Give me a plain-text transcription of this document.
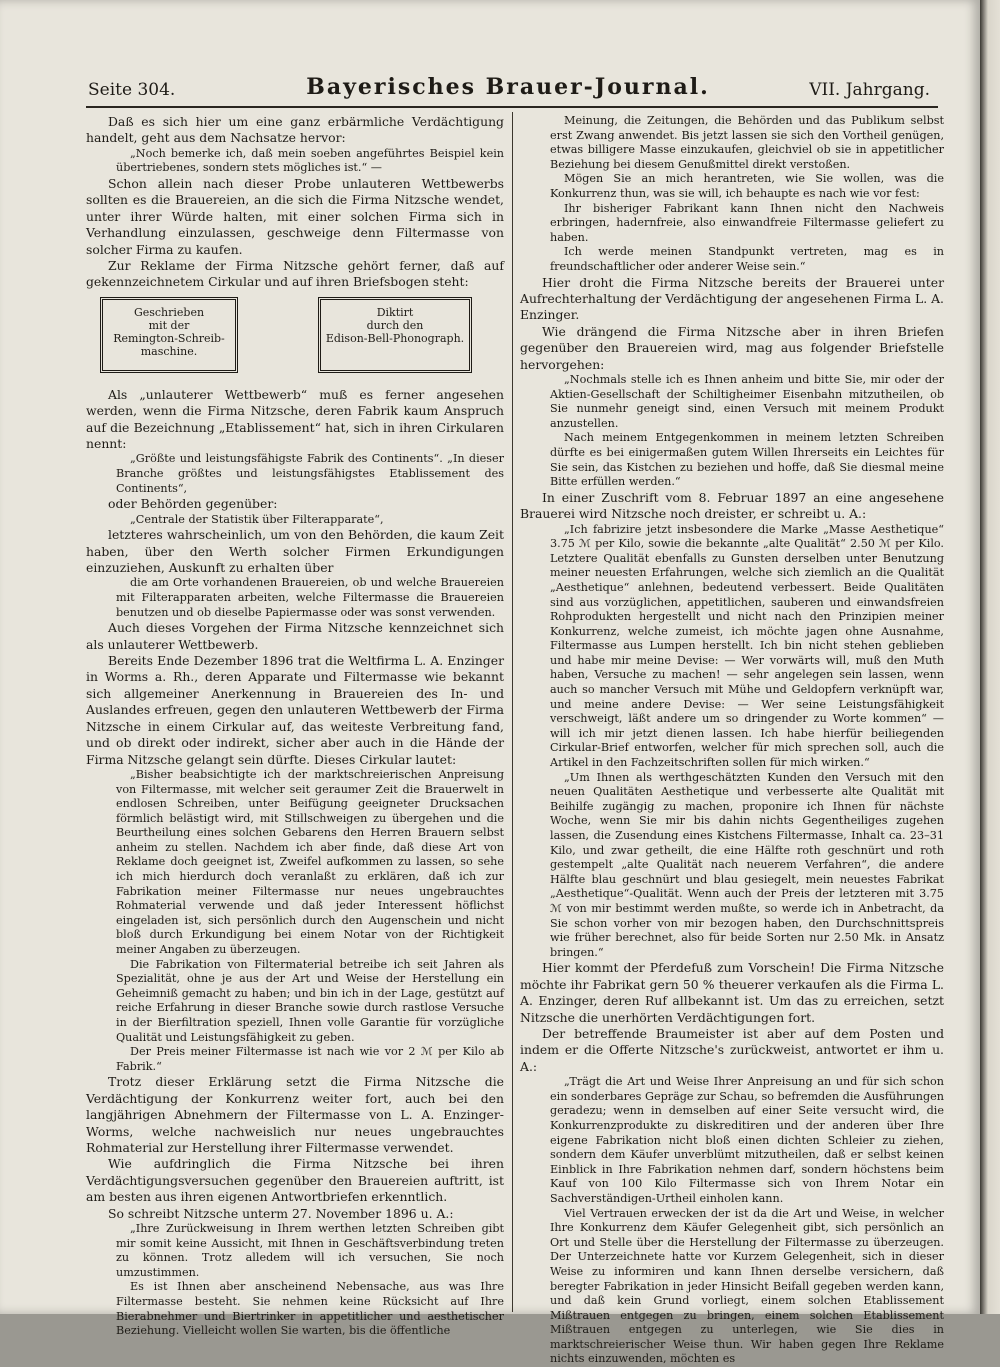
Seite 304.	Bayerisches Brauer-Journal.	VII. Jahrgang.

Daß es sich hier um eine ganz erbärmliche Verdächtigung handelt, geht aus dem Nachsatze hervor:

„Noch bemerke ich, daß mein soeben angeführtes Beispiel kein übertriebenes, sondern stets mögliches ist.“ —

Schon allein nach dieser Probe unlauteren Wettbewerbs sollten es die Brauereien, an die sich die Firma Nitzsche wendet, unter ihrer Würde halten, mit einer solchen Firma sich in Verhandlung einzulassen, geschweige denn Filtermasse von solcher Firma zu kaufen.

Zur Reklame der Firma Nitzsche gehört ferner, daß auf gekennzeichnetem Cirkular und auf ihren Briefsbogen steht:

Geschrieben
mit der
Remington-Schreib-
maschine.
Diktirt
durch den
Edison-Bell-Phonograph.

Als „unlauterer Wettbewerb“ muß es ferner angesehen werden, wenn die Firma Nitzsche, deren Fabrik kaum Anspruch auf die Bezeichnung „Etablissement“ hat, sich in ihren Cirkularen nennt:

„Größte und leistungsfähigste Fabrik des Continents“. „In dieser Branche größtes und leistungsfähigstes Etablissement des Continents“,

oder Behörden gegenüber:

„Centrale der Statistik über Filterapparate“,

letzteres wahrscheinlich, um von den Behörden, die kaum Zeit haben, über den Werth solcher Firmen Erkundigungen einzuziehen, Auskunft zu erhalten über

die am Orte vorhandenen Brauereien, ob und welche Brauereien mit Filterapparaten arbeiten, welche Filtermasse die Brauereien benutzen und ob dieselbe Papiermasse oder was sonst verwenden.

Auch dieses Vorgehen der Firma Nitzsche kennzeichnet sich als unlauterer Wettbewerb.

Bereits Ende Dezember 1896 trat die Weltfirma L. A. Enzinger in Worms a. Rh., deren Apparate und Filtermasse wie bekannt sich allgemeiner Anerkennung in Brauereien des In- und Auslandes erfreuen, gegen den unlauteren Wettbewerb der Firma Nitzsche in einem Cirkular auf, das weiteste Verbreitung fand, und ob direkt oder indirekt, sicher aber auch in die Hände der Firma Nitzsche gelangt sein dürfte. Dieses Cirkular lautet:

„Bisher beabsichtigte ich der marktschreierischen Anpreisung von Filtermasse, mit welcher seit geraumer Zeit die Brauerwelt in endlosen Schreiben, unter Beifügung geeigneter Drucksachen förmlich belästigt wird, mit Stillschweigen zu übergehen und die Beurtheilung eines solchen Gebarens den Herren Brauern selbst anheim zu stellen. Nachdem ich aber finde, daß diese Art von Reklame doch geeignet ist, Zweifel aufkommen zu lassen, so sehe ich mich hierdurch doch veranlaßt zu erklären, daß ich zur Fabrikation meiner Filtermasse nur neues ungebrauchtes Rohmaterial verwende und daß jeder Interessent höflichst eingeladen ist, sich persönlich durch den Augenschein und nicht bloß durch Erkundigung bei einem Notar von der Richtigkeit meiner Angaben zu überzeugen.

Die Fabrikation von Filtermaterial betreibe ich seit Jahren als Spezialität, ohne je aus der Art und Weise der Herstellung ein Geheimniß gemacht zu haben; und bin ich in der Lage, gestützt auf reiche Erfahrung in dieser Branche sowie durch rastlose Versuche in der Bierfiltration speziell, Ihnen volle Garantie für vorzügliche Qualität und Leistungsfähigkeit zu geben.

Der Preis meiner Filtermasse ist nach wie vor 2 ℳ per Kilo ab Fabrik.“

Trotz dieser Erklärung setzt die Firma Nitzsche die Verdächtigung der Konkurrenz weiter fort, auch bei den langjährigen Abnehmern der Filtermasse von L. A. Enzinger-Worms, welche nachweislich nur neues ungebrauchtes Rohmaterial zur Herstellung ihrer Filtermasse verwendet.

Wie aufdringlich die Firma Nitzsche bei ihren Verdächtigungsversuchen gegenüber den Brauereien auftritt, ist am besten aus ihren eigenen Antwortbriefen erkenntlich.

So schreibt Nitzsche unterm 27. November 1896 u. A.:

„Ihre Zurückweisung in Ihrem werthen letzten Schreiben gibt mir somit keine Aussicht, mit Ihnen in Geschäftsverbindung treten zu können. Trotz alledem will ich versuchen, Sie noch umzustimmen.

Es ist Ihnen aber anscheinend Nebensache, aus was Ihre Filtermasse besteht. Sie nehmen keine Rücksicht auf Ihre Bierabnehmer und Biertrinker in appetitlicher und aesthetischer Beziehung. Vielleicht wollen Sie warten, bis die öffentliche

Meinung, die Zeitungen, die Behörden und das Publikum selbst erst Zwang anwendet. Bis jetzt lassen sie sich den Vortheil genügen, etwas billigere Masse einzukaufen, gleichviel ob sie in appetitlicher Beziehung bei diesem Genußmittel direkt verstoßen.

Mögen Sie an mich herantreten, wie Sie wollen, was die Konkurrenz thun, was sie will, ich behaupte es nach wie vor fest:

Ihr bisheriger Fabrikant kann Ihnen nicht den Nachweis erbringen, hadernfreie, also einwandfreie Filtermasse geliefert zu haben.

Ich werde meinen Standpunkt vertreten, mag es in freundschaftlicher oder anderer Weise sein.“

Hier droht die Firma Nitzsche bereits der Brauerei unter Aufrechterhaltung der Verdächtigung der angesehenen Firma L. A. Enzinger.

Wie drängend die Firma Nitzsche aber in ihren Briefen gegenüber den Brauereien wird, mag aus folgender Briefstelle hervorgehen:

„Nochmals stelle ich es Ihnen anheim und bitte Sie, mir oder der Aktien-Gesellschaft der Schiltigheimer Eisenbahn mitzutheilen, ob Sie nunmehr geneigt sind, einen Versuch mit meinem Produkt anzustellen.

Nach meinem Entgegenkommen in meinem letzten Schreiben dürfte es bei einigermaßen gutem Willen Ihrerseits ein Leichtes für Sie sein, das Kistchen zu beziehen und hoffe, daß Sie diesmal meine Bitte erfüllen werden.“

In einer Zuschrift vom 8. Februar 1897 an eine angesehene Brauerei wird Nitzsche noch dreister, er schreibt u. A.:

„Ich fabrizire jetzt insbesondere die Marke „Masse Aesthetique“ 3.75 ℳ per Kilo, sowie die bekannte „alte Qualität“ 2.50 ℳ per Kilo. Letztere Qualität ebenfalls zu Gunsten derselben unter Benutzung meiner neuesten Erfahrungen, welche sich ziemlich an die Qualität „Aesthetique“ anlehnen, bedeutend verbessert. Beide Qualitäten sind aus vorzüglichen, appetitlichen, sauberen und einwandsfreien Rohprodukten hergestellt und nicht nach den Prinzipien meiner Konkurrenz, welche zumeist, ich möchte jagen ohne Ausnahme, Filtermasse aus Lumpen herstellt. Ich bin nicht stehen geblieben und habe mir meine Devise: — Wer vorwärts will, muß den Muth haben, Versuche zu machen! — sehr angelegen sein lassen, wenn auch so mancher Versuch mit Mühe und Geldopfern verknüpft war, und meine andere Devise: — Wer seine Leistungsfähigkeit verschweigt, läßt andere um so dringender zu Worte kommen“ — will ich mir jetzt dienen lassen. Ich habe hierfür beiliegenden Cirkular-Brief entworfen, welcher für mich sprechen soll, auch die Artikel in den Fachzeitschriften sollen für mich wirken.“

„Um Ihnen als werthgeschätzten Kunden den Versuch mit den neuen Qualitäten Aesthetique und verbesserte alte Qualität mit Beihilfe zugängig zu machen, proponire ich Ihnen für nächste Woche, wenn Sie mir bis dahin nichts Gegentheiliges zugehen lassen, die Zusendung eines Kistchens Filtermasse, Inhalt ca. 23–31 Kilo, und zwar getheilt, die eine Hälfte roth geschnürt und roth gestempelt „alte Qualität nach neuerem Verfahren“, die andere Hälfte blau geschnürt und blau gesiegelt, mein neuestes Fabrikat „Aesthetique“-Qualität. Wenn auch der Preis der letzteren mit 3.75 ℳ von mir bestimmt werden mußte, so werde ich in Anbetracht, da Sie schon vorher von mir bezogen haben, den Durchschnittspreis wie früher berechnet, also für beide Sorten nur 2.50 Mk. in Ansatz bringen.“

Hier kommt der Pferdefuß zum Vorschein! Die Firma Nitzsche möchte ihr Fabrikat gern 50 % theuerer verkaufen als die Firma L. A. Enzinger, deren Ruf allbekannt ist. Um das zu erreichen, setzt Nitzsche die unerhörten Verdächtigungen fort.

Der betreffende Braumeister ist aber auf dem Posten und indem er die Offerte Nitzsche's zurückweist, antwortet er ihm u. A.:

„Trägt die Art und Weise Ihrer Anpreisung an und für sich schon ein sonderbares Gepräge zur Schau, so befremden die Ausführungen geradezu; wenn in demselben auf einer Seite versucht wird, die Konkurrenzprodukte zu diskreditiren und der anderen über Ihre eigene Fabrikation nicht bloß einen dichten Schleier zu ziehen, sondern dem Käufer unverblümt mitzutheilen, daß er selbst keinen Einblick in Ihre Fabrikation nehmen darf, sondern höchstens beim Kauf von 100 Kilo Filtermasse sich von Ihrem Notar ein Sachverständigen-Urtheil einholen kann.

Viel Vertrauen erwecken der ist da die Art und Weise, in welcher Ihre Konkurrenz dem Käufer Gelegenheit gibt, sich persönlich an Ort und Stelle über die Herstellung der Filtermasse zu überzeugen. Der Unterzeichnete hatte vor Kurzem Gelegenheit, sich in dieser Weise zu informiren und kann Ihnen derselbe versichern, daß beregter Fabrikation in jeder Hinsicht Beifall gegeben werden kann, und daß kein Grund vorliegt, einem solchen Etablissement Mißtrauen entgegen zu bringen, einem solchen Etablissement Mißtrauen entgegen zu unterlegen, wie Sie dies in marktschreierischer Weise thun. Wir haben gegen Ihre Reklame nichts einzuwenden, möchten es
